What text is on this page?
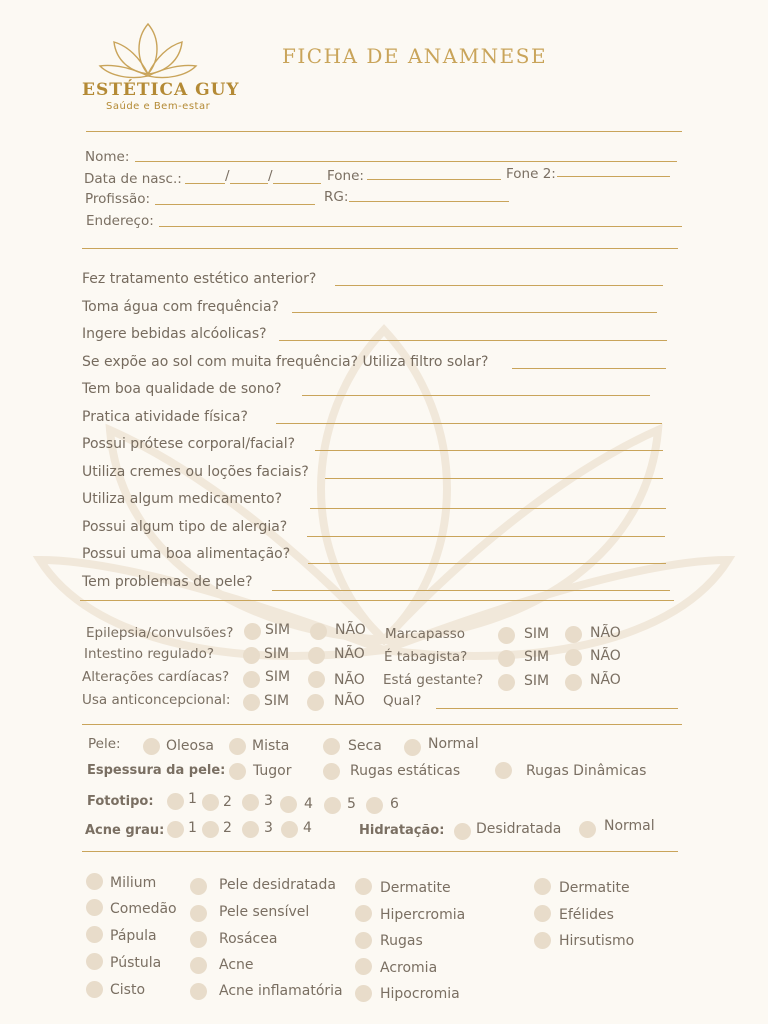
ESTÉTICA GUY
Saúde e Bem-estar
FICHA DE ANAMNESE
Nome:
Data de nasc.:	/	/	Fone:	Fone 2:
Profissão:	RG:
Endereço:
Fez tratamento estético anterior?
Toma água com frequência?
Ingere bebidas alcóolicas?
Se expõe ao sol com muita frequência? Utiliza filtro solar?
Tem boa qualidade de sono?
Pratica atividade física?
Possui prótese corporal/facial?
Utiliza cremes ou loções faciais?
Utiliza algum medicamento?
Possui algum tipo de alergia?
Possui uma boa alimentação?
Tem problemas de pele?
Epilepsia/convulsões? SIM	NÃO
Intestino regulado?	SIM	NÃO
Alterações cardíacas?	SIM	NÃO
Usa anticoncepcional: SIM	NÃO
Marcapasso	SIM	NÃO
É tabagista?	SIM	NÃO
Está gestante?	SIM	NÃO
Qual?
Pele:	Oleosa	Mista	Seca	Normal
Espessura da pele: Tugor	Rugas estáticas	Rugas Dinâmicas
Fototipo: 1 2 3 4 5 6
Acne grau: 1 2 3 4	Hidratação: Desidratada	Normal
Milium
Comedão
Pápula
Pústula
Cisto
Pele desidratada
Pele sensível
Rosácea
Acne
Acne inflamatória
Dermatite
Hipercromia
Rugas
Acromia
Hipocromia
Dermatite
Efélides
Hirsutismo
